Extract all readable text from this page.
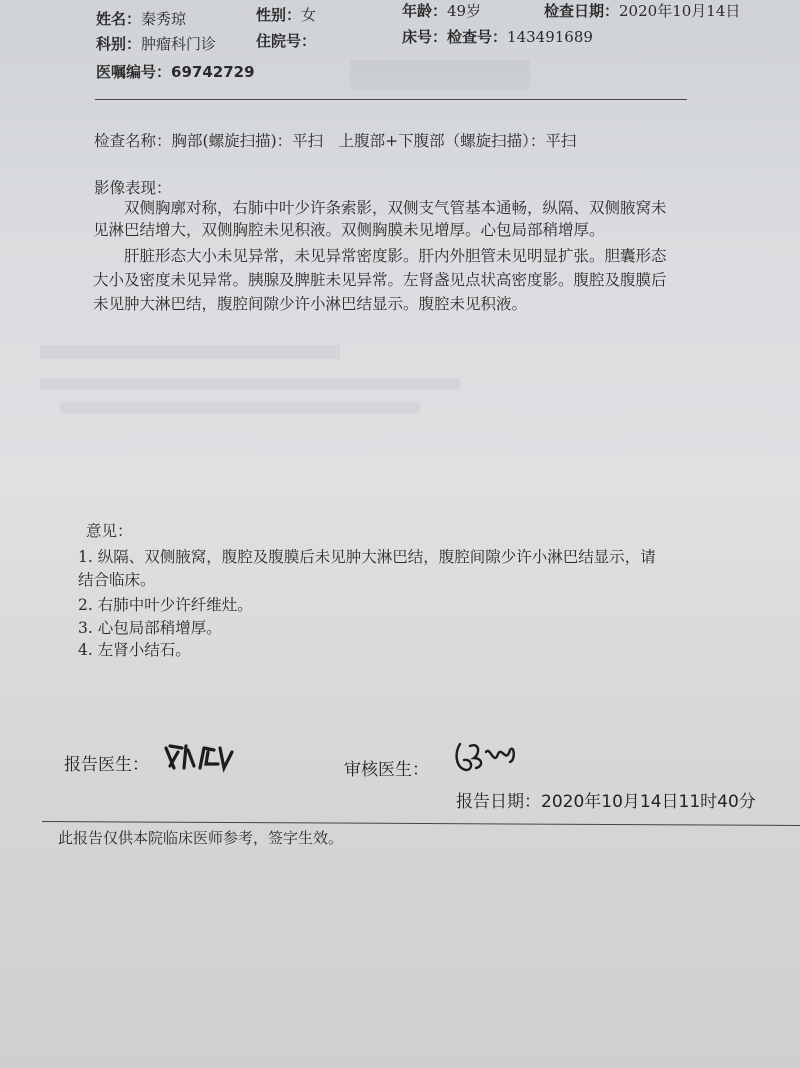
姓名：秦秀琼	性别：女	年龄：49岁	检查日期：2020年10月14日
科别：肿瘤科门诊	住院号：	床号：检查号：143491689
医嘱编号：69742729
检查名称：胸部(螺旋扫描)：平扫　上腹部+下腹部（螺旋扫描）：平扫
影像表现：
双侧胸廓对称，右肺中叶少许条索影，双侧支气管基本通畅，纵隔、双侧腋窝未
见淋巴结增大，双侧胸腔未见积液。双侧胸膜未见增厚。心包局部稍增厚。
肝脏形态大小未见异常，未见异常密度影。肝内外胆管未见明显扩张。胆囊形态
大小及密度未见异常。胰腺及脾脏未见异常。左肾盏见点状高密度影。腹腔及腹膜后
未见肿大淋巴结，腹腔间隙少许小淋巴结显示。腹腔未见积液。
意见：
1. 纵隔、双侧腋窝，腹腔及腹膜后未见肿大淋巴结，腹腔间隙少许小淋巴结显示，请
结合临床。
2. 右肺中叶少许纤维灶。
3. 心包局部稍增厚。
4. 左肾小结石。
报告医生：	审核医生：
报告日期：2020年10月14日11时40分
此报告仅供本院临床医师参考，签字生效。
